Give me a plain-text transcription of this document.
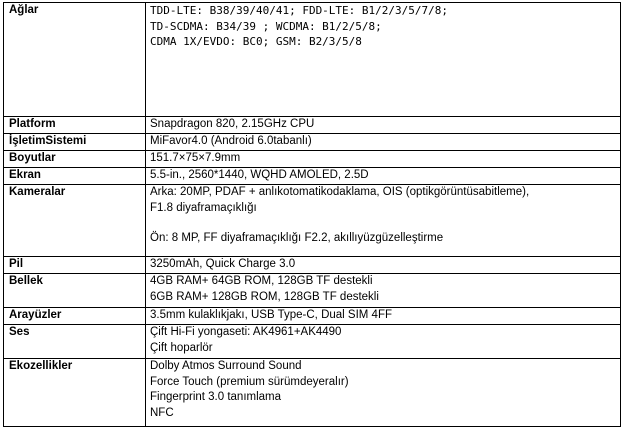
Ağlar	TDD-LTE: B38/39/40/41; FDD-LTE: B1/2/3/5/7/8;
TD-SCDMA: B34/39 ; WCDMA: B1/2/5/8;
CDMA 1X/EVDO: BC0; GSM: B2/3/5/8

Platform	Snapdragon 820, 2.15GHz CPU

İşletimSistemi	MiFavor4.0 (Android 6.0tabanlı)

Boyutlar	151.7×75×7.9mm

Ekran	5.5-in., 2560*1440, WQHD AMOLED, 2.5D

Kameralar	Arka: 20MP, PDAF + anlıkotomatikodaklama, OIS (optikgörüntüsabitleme),
F1.8 diyaframaçıklığı
Ön: 8 MP, FF diyaframaçıklığı F2.2, akıllıyüzgüzelleştirme

Pil	3250mAh, Quick Charge 3.0

Bellek	4GB RAM+ 64GB ROM, 128GB TF destekli
6GB RAM+ 128GB ROM, 128GB TF destekli

Arayüzler	3.5mm kulaklıkjakı, USB Type-C, Dual SIM 4FF

Ses	Çift Hi-Fi yongaseti: AK4961+AK4490
Çift hoparlör

Ekozellikler	Dolby Atmos Surround Sound
Force Touch (premium sürümdeyeralır)
Fingerprint 3.0 tanımlama
NFC
